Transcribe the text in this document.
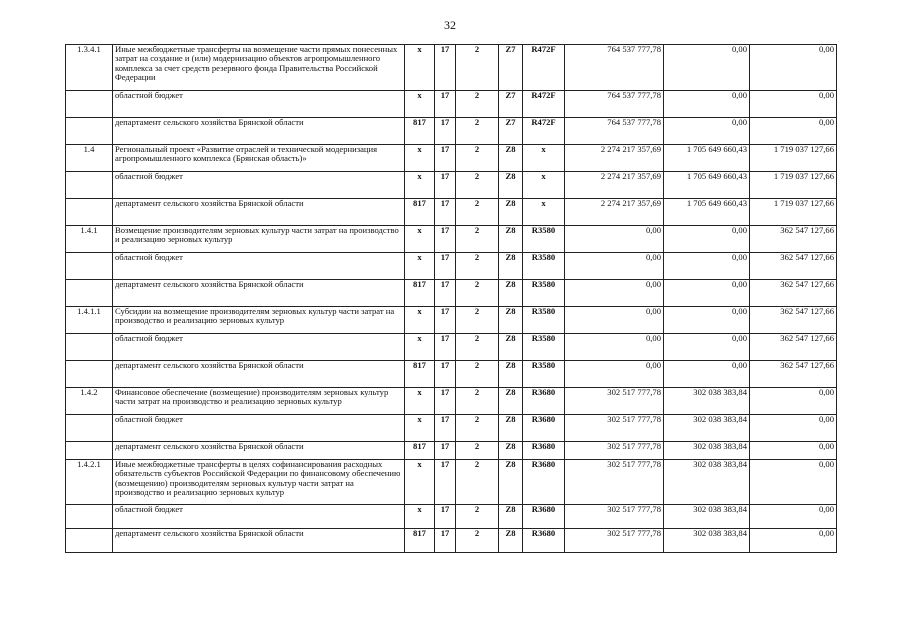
32
1.3.4.1	Иные межбюджетные трансферты на возмещение части прямых понесенных затрат на создание и (или) модернизацию объектов агропромышленного комплекса за счет средств резервного фонда Правительства Российской Федерации	x	17	2	Z7	R472F	764 537 777,78	0,00	0,00
	областной бюджет	x	17	2	Z7	R472F	764 537 777,78	0,00	0,00
	департамент сельского хозяйства Брянской области	817	17	2	Z7	R472F	764 537 777,78	0,00	0,00
1.4	Региональный проект «Развитие отраслей и технической модернизация агропромышленного комплекса (Брянская область)»	x	17	2	Z8	x	2 274 217 357,69	1 705 649 660,43	1 719 037 127,66
	областной бюджет	x	17	2	Z8	x	2 274 217 357,69	1 705 649 660,43	1 719 037 127,66
	департамент сельского хозяйства Брянской области	817	17	2	Z8	x	2 274 217 357,69	1 705 649 660,43	1 719 037 127,66
1.4.1	Возмещение производителям зерновых культур части затрат на производство и реализацию зерновых культур	x	17	2	Z8	R3580	0,00	0,00	362 547 127,66
	областной бюджет	x	17	2	Z8	R3580	0,00	0,00	362 547 127,66
	департамент сельского хозяйства Брянской области	817	17	2	Z8	R3580	0,00	0,00	362 547 127,66
1.4.1.1	Субсидии на возмещение производителям зерновых культур части затрат на производство и реализацию зерновых культур	x	17	2	Z8	R3580	0,00	0,00	362 547 127,66
	областной бюджет	x	17	2	Z8	R3580	0,00	0,00	362 547 127,66
	департамент сельского хозяйства Брянской области	817	17	2	Z8	R3580	0,00	0,00	362 547 127,66
1.4.2	Финансовое обеспечение (возмещение) производителям зерновых культур части затрат на производство и реализацию зерновых культур	x	17	2	Z8	R3680	302 517 777,78	302 038 383,84	0,00
	областной бюджет	x	17	2	Z8	R3680	302 517 777,78	302 038 383,84	0,00
	департамент сельского хозяйства Брянской области	817	17	2	Z8	R3680	302 517 777,78	302 038 383,84	0,00
1.4.2.1	Иные межбюджетные трансферты в целях софинансирования расходных обязательств субъектов Российской Федерации по финансовому обеспечению (возмещению) производителям зерновых культур части затрат на производство и реализацию зерновых культур	x	17	2	Z8	R3680	302 517 777,78	302 038 383,84	0,00
	областной бюджет	x	17	2	Z8	R3680	302 517 777,78	302 038 383,84	0,00
	департамент сельского хозяйства Брянской области	817	17	2	Z8	R3680	302 517 777,78	302 038 383,84	0,00
